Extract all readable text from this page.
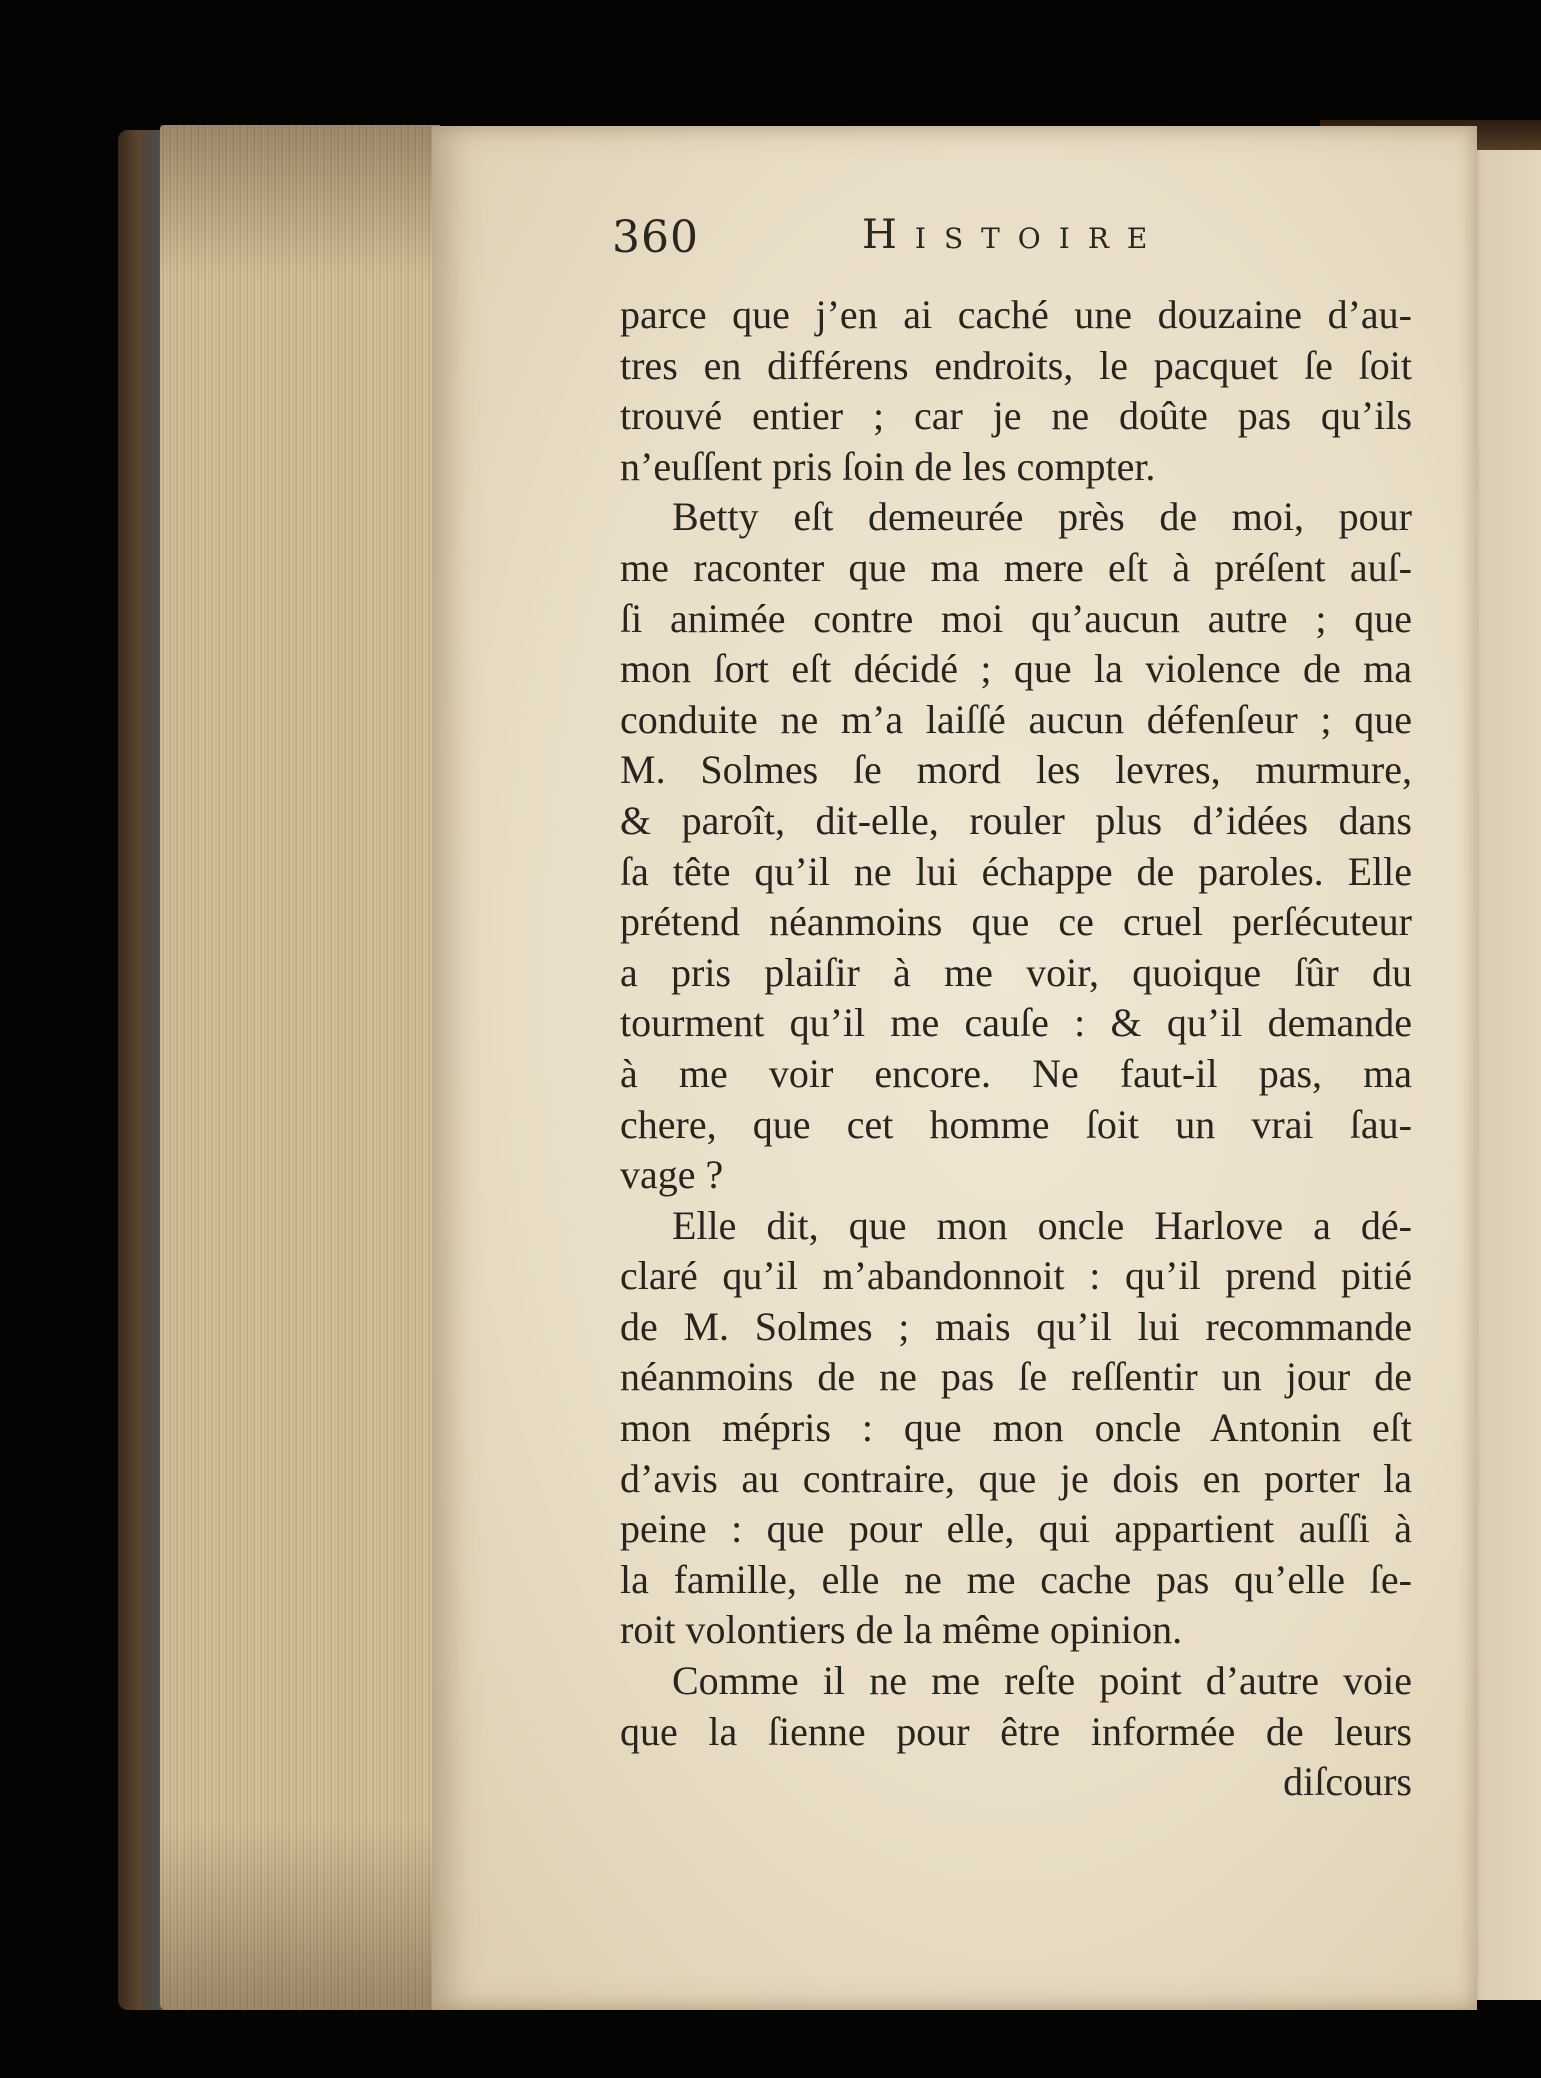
360	Histoire
parce que j’en ai caché une douzaine d’au-
tres en différens endroits, le pacquet ſe ſoit
trouvé entier ; car je ne doûte pas qu’ils
n’euſſent pris ſoin de les compter.
Betty eſt demeurée près de moi, pour
me raconter que ma mere eſt à préſent auſ-
ſi animée contre moi qu’aucun autre ; que
mon ſort eſt décidé ; que la violence de ma
conduite ne m’a laiſſé aucun défenſeur ; que
M. Solmes ſe mord les levres, murmure,
& paroît, dit-elle, rouler plus d’idées dans
ſa tête qu’il ne lui échappe de paroles. Elle
prétend néanmoins que ce cruel perſécuteur
a pris plaiſir à me voir, quoique ſûr du
tourment qu’il me cauſe : & qu’il demande
à me voir encore. Ne faut-il pas, ma
chere, que cet homme ſoit un vrai ſau-
vage ?
Elle dit, que mon oncle Harlove a dé-
claré qu’il m’abandonnoit : qu’il prend pitié
de M. Solmes ; mais qu’il lui recommande
néanmoins de ne pas ſe reſſentir un jour de
mon mépris : que mon oncle Antonin eſt
d’avis au contraire, que je dois en porter la
peine : que pour elle, qui appartient auſſi à
la famille, elle ne me cache pas qu’elle ſe-
roit volontiers de la même opinion.
Comme il ne me reſte point d’autre voie
que la ſienne pour être informée de leurs
diſcours
